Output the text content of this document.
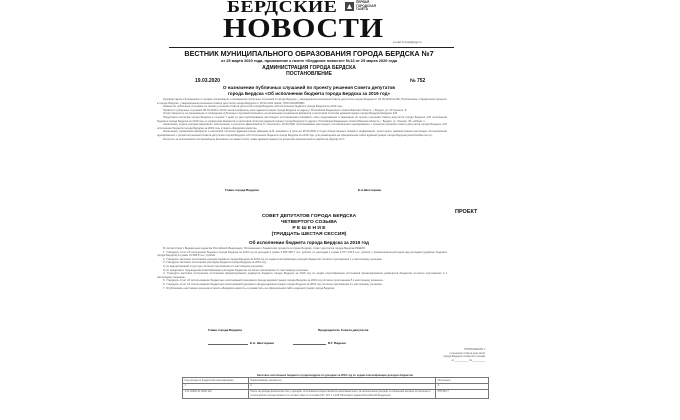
БЕРДСКИЕ
НОВОСТИ
ПЕРВАЯ
ГОРОДСКАЯ
ГАЗЕТА
e-mail: b-news@ngs.ru
ВЕСТНИК МУНИЦИПАЛЬНОГО ОБРАЗОВАНИЯ ГОРОДА БЕРДСКА №7
от 25 марта 2020 года, приложение к газете «Бердские новости» №13 от 25 марта 2020 года
АДМИНИСТРАЦИЯ ГОРОДА БЕРДСКА
ПОСТАНОВЛЕНИЕ
19.03.2020	№ 752
О назначении публичных слушаний по проекту решения Совета депутатов
города Бердска «Об исполнении бюджета города Бердска за 2019 год»

Руководствуясь Положением о порядке организации и проведения публичных слушаний в городе Бердске, утвержденным решением Совета депутатов города Бердска от 20.09.2018 №196, Положением о бюджетном процессе в городе Бердске, утвержденным решением Совета депутатов города Бердска от 25.02.2014 №442, ПОСТАНОВЛЯЮ:

Назначить публичные слушания по проекту решения Совета депутатов города Бердска «Об исполнении бюджета города Бердска за 2019 год».

Провести публичные слушания 08.04.2020 в 16-00 часов конференц-зале администрации города Бердска по адресу: Российская Федерация, Новосибирская область, г. Бердск, ул. М.Горького, 8.

Ответственность за организацию и проведение публичных слушаний возложить на начальника управления финансов и налоговой политики администрации города Бердска Шмидеке Е.В.

Предложить жителям города Бердска в течение 7 дней со дня опубликования настоящего постановления направить свои предложения и замечания по проекту решения Совета депутатов города Бердска «Об исполнении бюджета города Бердска за 2019 год» в управление финансов и налоговой политики администрации города Бердска по адресу: Российская Федерация, Новосибирская область, г. Бердск, ул. Ленина, 45, кабинет 1.

Начальнику отдела документационного обеспечения и контроля Даниловой Е.Л. обеспечить 25.03.2020 опубликование настоящего постановления одновременно с проектом решения Совета депутатов города Бердска «Об исполнении бюджета города Бердска за 2019 год» в газете «Бердские новости».

Начальнику управления финансов и налоговой политики администрации Шмидеке Е.В. направить в срок до 25.03.2020 в отдел общественных связей и информации, пресс-центр администрации настоящее постановление одновременно с проектом решения Совета депутатов города Бердска «Об исполнении бюджета города Бердска за 2019 год» для размещения на официальном сайте администрации города Бердска (www.berdsk-nso.ru).

Контроль за исполнением постановления возложить на заместителя главы администрации (по вопросам экономического развития) Шурову Ж.С.

Глава города Бердска	Е.А.Шестернин
ПРОЕКТ
СОВЕТ ДЕПУТАТОВ ГОРОДА БЕРДСКА
ЧЕТВЕРТОГО СОЗЫВА
Р Е Ш Е Н И Е
(ТРИДЦАТЬ ШЕСТАЯ СЕССИЯ)
Об исполнении бюджета города Бердска за 2019 год

В соответствии с Бюджетным кодексом Российской Федерации, Положением о бюджетном процессе в городе Бердске, Совет депутатов города Бердска РЕШИЛ:

1. Утвердить отчет об исполнении бюджета города Бердска за 2019 год по доходам в сумме 2 845 480,7 тыс. рублей, по расходам в сумме 2 877 149,5 тыс. рублей, с превышением расходов над доходами (дефицит бюджета города Бердска) в сумме 31 668,8 тыс. рублей.

2. Утвердить кассовое исполнение доходов бюджета города Бердска за 2019 год по кодам классификации доходов бюджетов согласно приложению 1 к настоящему решению.

3. Утвердить кассовое исполнение расходов бюджета города Бердска за 2019 год:

1) по ведомственной структуре согласно приложению 2 к настоящему решению;

2) по разделам и подразделам классификации расходов бюджетов согласно приложению 3 к настоящему решению.

4. Утвердить кассовое исполнение источников финансирования дефицита бюджета города Бердска за 2019 год по кодам классификации источников финансирования дефицитов бюджетов согласно приложению 4 к настоящему решению.

5. Утвердить отчет об использовании бюджетных ассигнований резервного фонда администрации города Бердска за 2019 год согласно приложению 5 к настоящему решению.

6. Утвердить отчет об использовании бюджетных ассигнований дорожного фонда администрации города Бердска за 2019 год согласно приложению 6 к настоящему решению.

7. Опубликовать настоящее решение в газете «Бердские новости» и разместить на официальном сайте администрации города Бердска.

Глава города Бердска	Председатель Совета депутатов
Е.А. Шестернин	В.Г. Бадьин
ПРИЛОЖЕНИЕ 1
к решению Совета депутатов
города Бердска четвертого созыва
от__________ №_________
Кассовое исполнение бюджета города Бердска по доходам за 2019 год по кодам классификации доходов бюджетов
Код дохода по бюджетной классификации	Наименование показателя	Исполнено
1	2	4
1 01 02010 01 0000 110	Налог на доходы физических лиц с доходов, источником которых является налоговый агент, за исключением доходов, в отношении которых исчисление и уплата налога осуществляются в соответствии со статьями 227, 227.1 и 228 Налогового кодекса Российской Федерации	578 923,7
